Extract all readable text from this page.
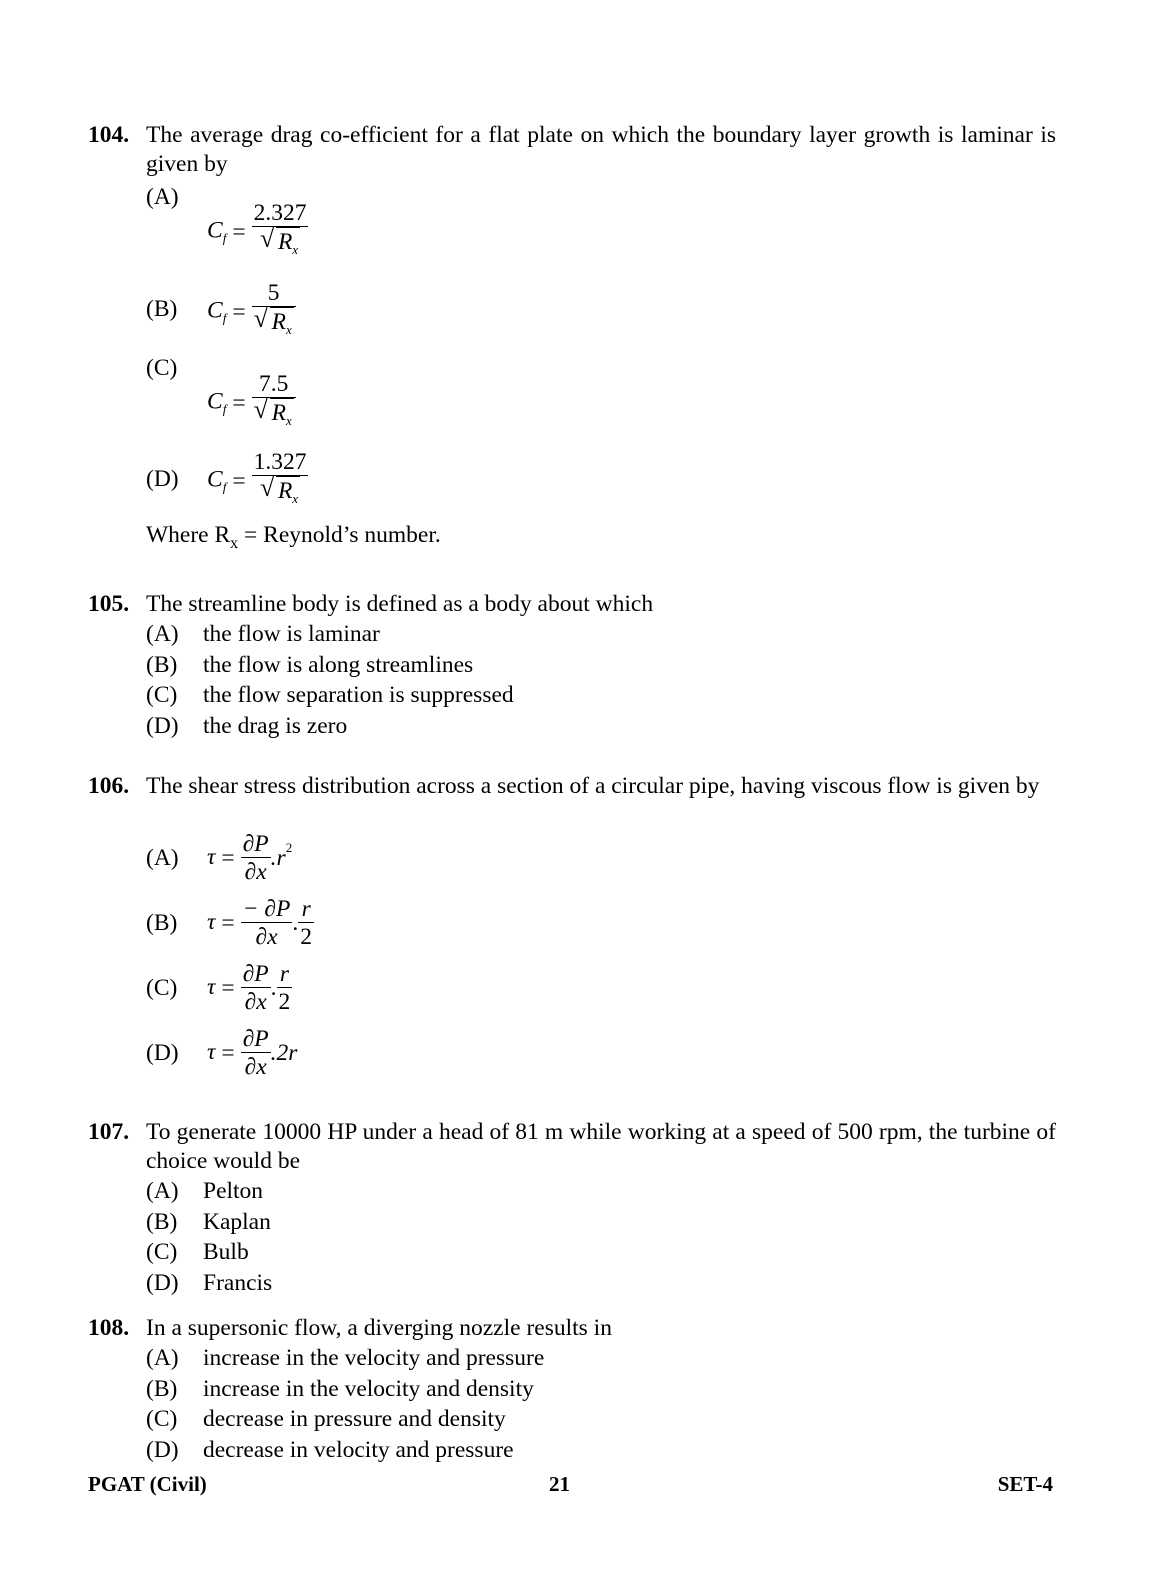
104. The average drag co-efficient for a flat plate on which the boundary layer growth is laminar is given by
(A)
$C_f = \frac{2.327}{√ R_x}$
(B) $C_f = \frac{5}{√ R_x}$
(C)
$C_f = \frac{7.5}{√ R_x}$
(D) $C_f = \frac{1.327}{√ R_x}$
Where $R_x$ = Reynold’s number.
105. The streamline body is defined as a body about which
(A) the flow is laminar
(B) the flow is along streamlines
(C) the flow separation is suppressed
(D) the drag is zero
106. The shear stress distribution across a section of a circular pipe, having viscous flow is given by
(A) $\tau = \frac{\partial P}{\partial x} .r^2$
(B) $\tau = \frac{- \partial P}{\partial x}$ . $\frac{r}{2}$
(C) $\tau = \frac{\partial P}{\partial x}$ . $\frac{r}{2}$
(D) $\tau = \frac{\partial P}{\partial x} .2r$
107. To generate 10000 HP under a head of 81 m while working at a speed of 500 rpm, the turbine of choice would be
(A) Pelton
(B) Kaplan
(C) Bulb
(D) Francis
108. In a supersonic flow, a diverging nozzle results in
(A) increase in the velocity and pressure
(B) increase in the velocity and density
(C) decrease in pressure and density
(D) decrease in velocity and pressure
PGAT (Civil)	21	SET-4
